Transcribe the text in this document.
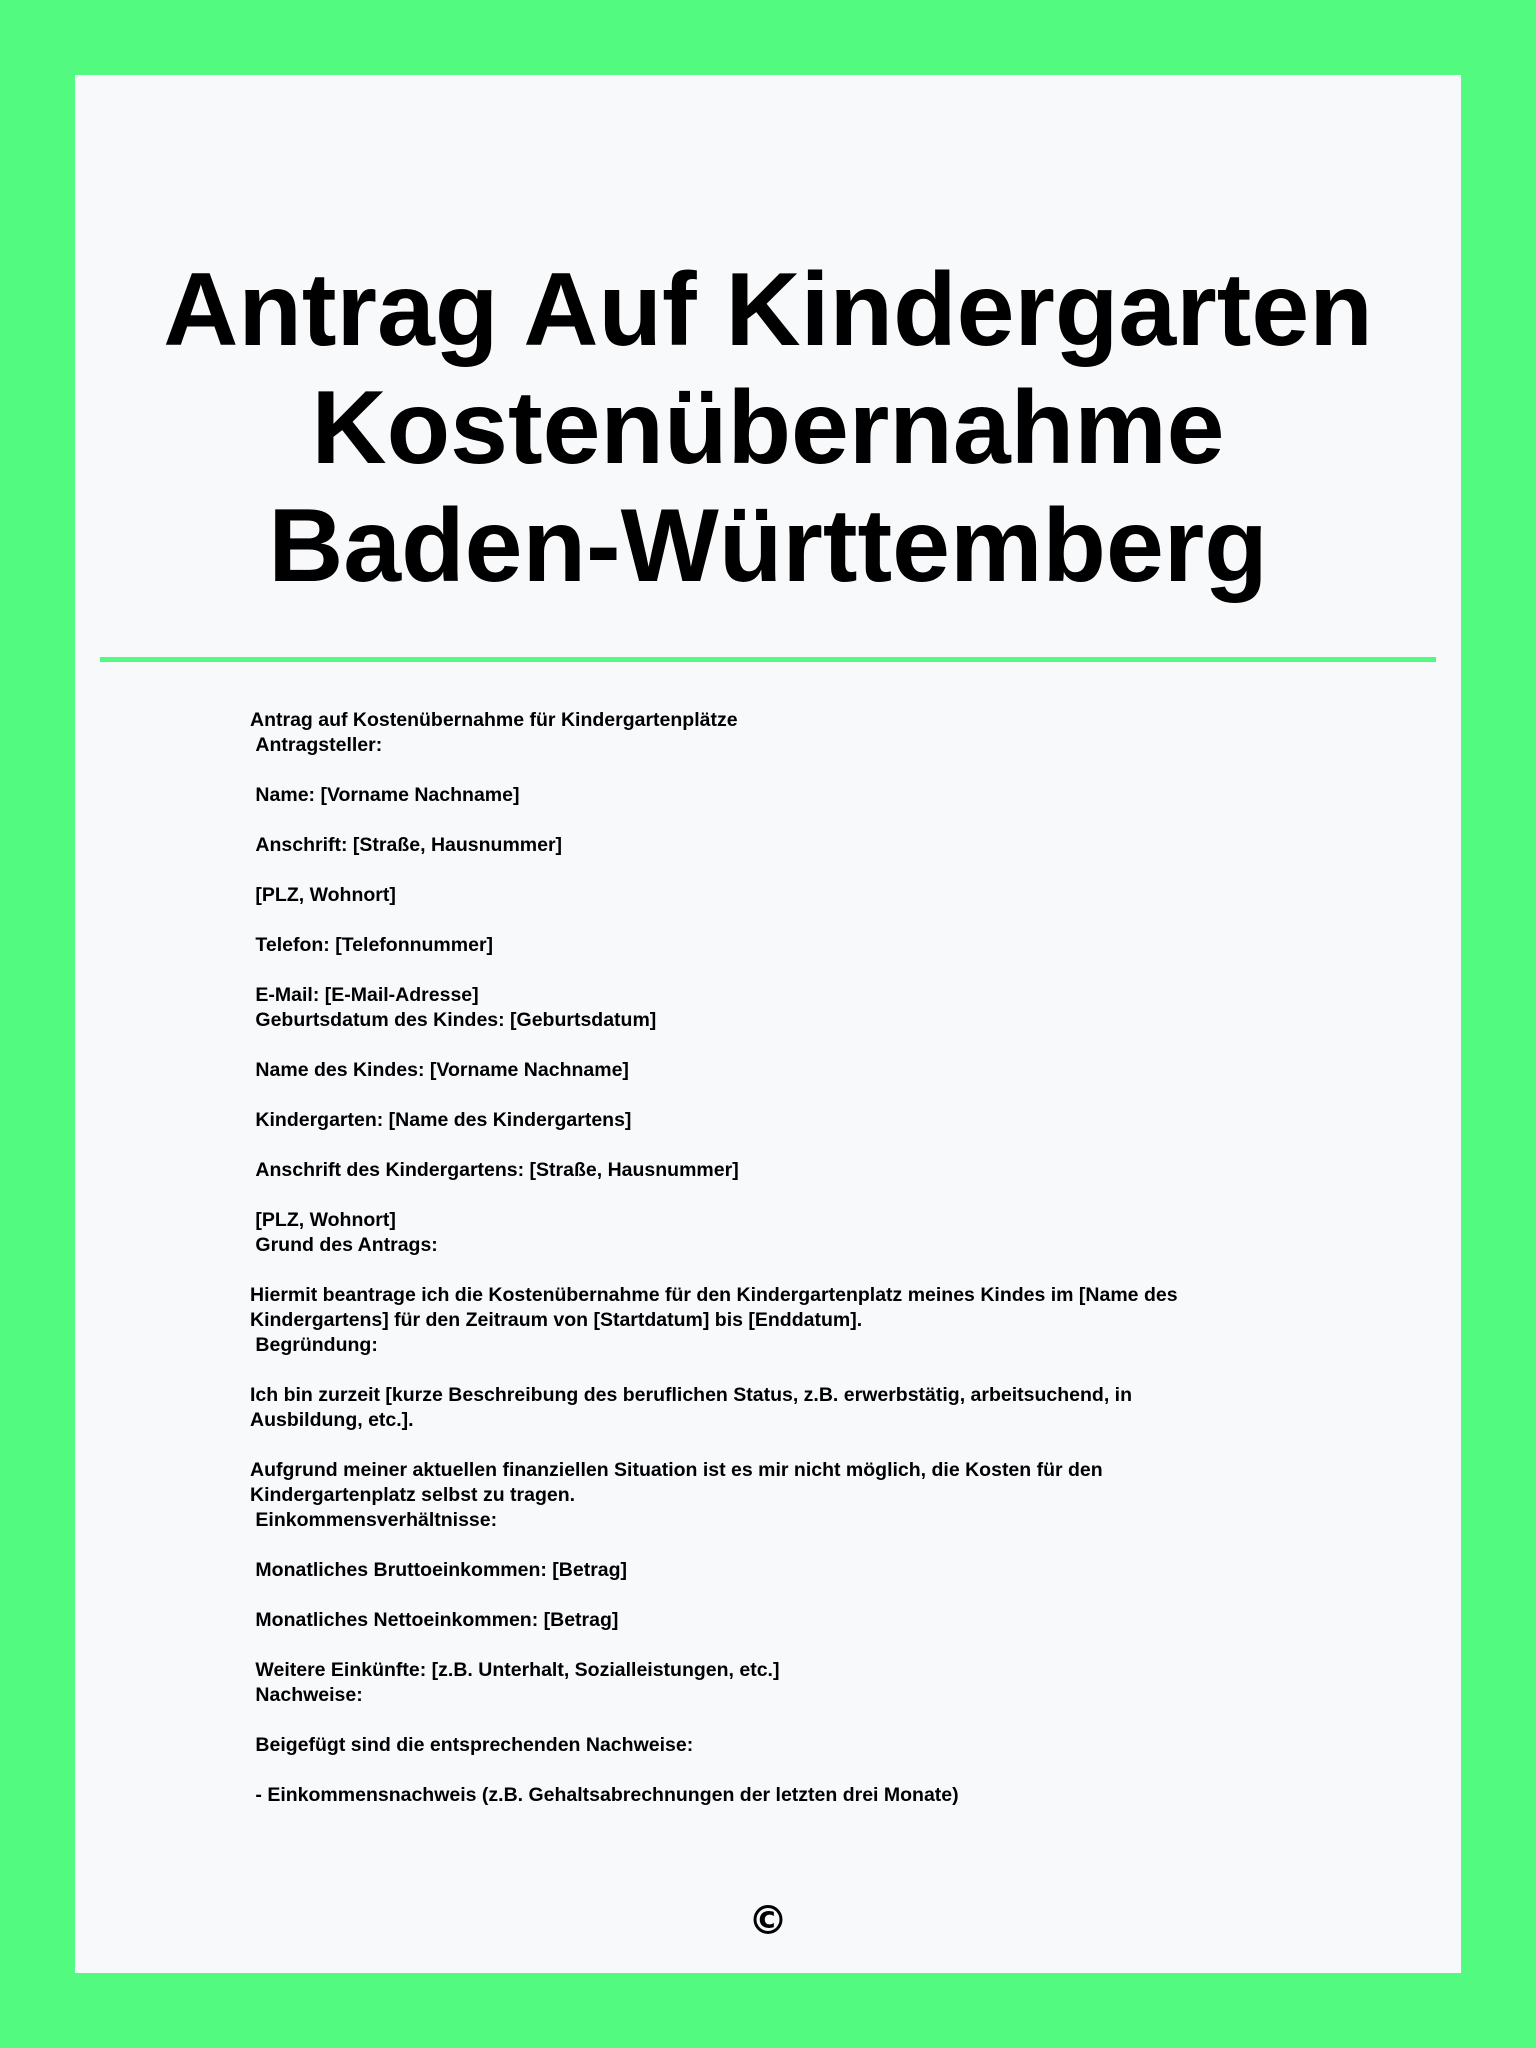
Antrag Auf Kindergarten
Kostenübernahme
Baden-Württemberg

Antrag auf Kostenübernahme für Kindergartenplätze
Antragsteller:

Name: [Vorname Nachname]

Anschrift: [Straße, Hausnummer]

[PLZ, Wohnort]

Telefon: [Telefonnummer]

E-Mail: [E-Mail-Adresse]
Geburtsdatum des Kindes: [Geburtsdatum]

Name des Kindes: [Vorname Nachname]

Kindergarten: [Name des Kindergartens]

Anschrift des Kindergartens: [Straße, Hausnummer]

[PLZ, Wohnort]
Grund des Antrags:

Hiermit beantrage ich die Kostenübernahme für den Kindergartenplatz meines Kindes im [Name des
Kindergartens] für den Zeitraum von [Startdatum] bis [Enddatum].
Begründung:

Ich bin zurzeit [kurze Beschreibung des beruflichen Status, z.B. erwerbstätig, arbeitsuchend, in
Ausbildung, etc.].

Aufgrund meiner aktuellen finanziellen Situation ist es mir nicht möglich, die Kosten für den
Kindergartenplatz selbst zu tragen.
Einkommensverhältnisse:

Monatliches Bruttoeinkommen: [Betrag]

Monatliches Nettoeinkommen: [Betrag]

Weitere Einkünfte: [z.B. Unterhalt, Sozialleistungen, etc.]
Nachweise:

Beigefügt sind die entsprechenden Nachweise:

- Einkommensnachweis (z.B. Gehaltsabrechnungen der letzten drei Monate)

©
